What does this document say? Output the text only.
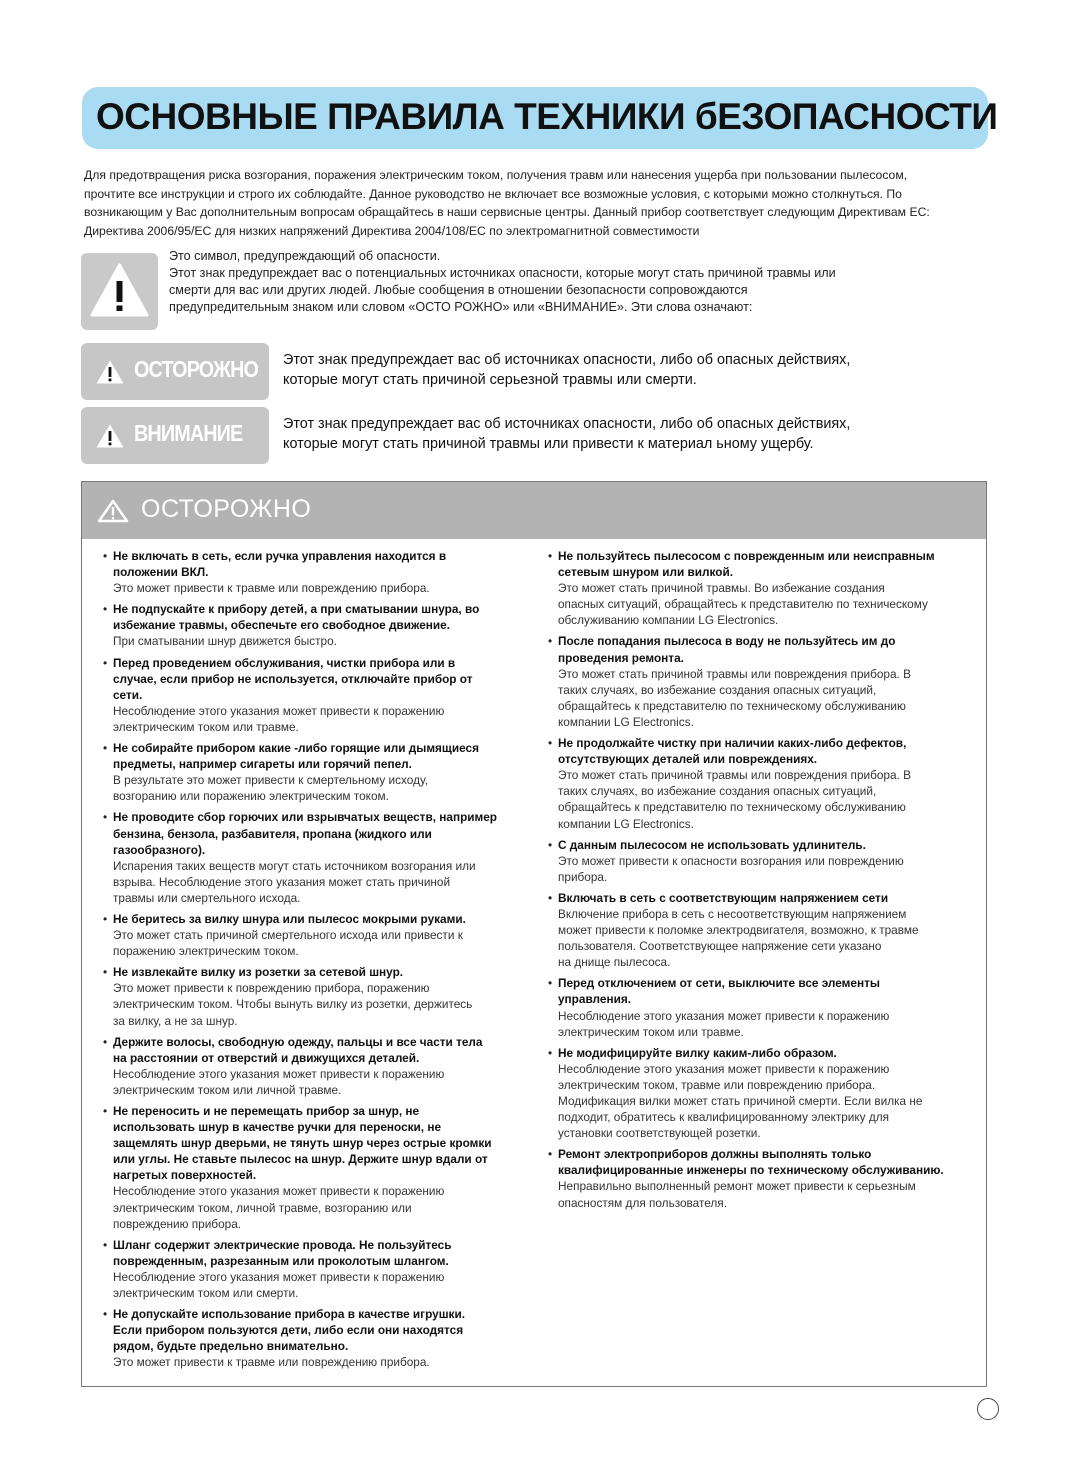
ОСНОВНЫЕ ПРАВИЛА ТЕХНИКИ бЕЗОПАСНОСТИ

Для предотвращения риска возгорания, поражения электрическим током, получения травм или нанесения ущерба при пользовании пылесосом,

прочтите все инструкции и строго их соблюдайте. Данное руководство не включает все возможные условия, с которыми можно столкнуться. По

возникающим у Вас дополнительным вопросам обращайтесь в наши сервисные центры. Данный прибор соответствует следующим Директивам ЕС:

Директива 2006/95/EC для низких напряжений Директива 2004/108/EC по электромагнитной совместимости

Это символ, предупреждающий об опасности.
Этот знак предупреждает вас о потенциальных источниках опасности, которые могут стать причиной травмы или
смерти для вас или других людей. Любые сообщения в отношении безопасности сопровождаются
предупредительным знаком или словом «ОСТО РОЖНО» или «ВНИМАНИЕ». Эти слова означают:
ОСТОРОЖНО Этот знак предупреждает вас об источниках опасности, либо об опасных действиях,
которые могут стать причиной серьезной травмы или смерти.
ВНИМАНИЕ	Этот знак предупреждает вас об источниках опасности, либо об опасных действиях,
которые могут стать причиной травмы или привести к материал ьному ущербу.
ОСТОРОЖНО
• Не включать в сеть, если ручка управления находится в
положении ВКЛ.
Это может привести к травме или повреждению прибора.
• Не подпускайте к прибору детей, а при сматывании шнура, во
избежание травмы, обеспечьте его свободное движение.
При сматывании шнур движется быстро.
• Перед проведением обслуживания, чистки прибора или в
случае, если прибор не используется, отключайте прибор от
сети.
Несоблюдение этого указания может привести к поражению
электрическим током или травме.
• Не собирайте прибором какие -либо горящие или дымящиеся
предметы, например сигареты или горячий пепел.
В результате это может привести к смертельному исходу,
возгоранию или поражению электрическим током.
• Не проводите сбор горючих или взрывчатых веществ, например
бензина, бензола, разбавителя, пропана (жидкого или
газообразного).
Испарения таких веществ могут стать источником возгорания или
взрыва. Несоблюдение этого указания может стать причиной
травмы или смертельного исхода.
• Не беритесь за вилку шнура или пылесос мокрыми руками.
Это может стать причиной смертельного исхода или привести к
поражению электрическим током.
• Не извлекайте вилку из розетки за сетевой шнур.
Это может привести к повреждению прибора, поражению
электрическим током. Чтобы вынуть вилку из розетки, держитесь
за вилку, а не за шнур.
• Держите волосы, свободную одежду, пальцы и все части тела
на расстоянии от отверстий и движущихся деталей.
Несоблюдение этого указания может привести к поражению
электрическим током или личной травме.
• Не переносить и не перемещать прибор за шнур, не
использовать шнур в качестве ручки для переноски, не
защемлять шнур дверьми, не тянуть шнур через острые кромки
или углы. Не ставьте пылесос на шнур. Держите шнур вдали от
нагретых поверхностей.
Несоблюдение этого указания может привести к поражению
электрическим током, личной травме, возгоранию или
повреждению прибора.
• Шланг содержит электрические провода. Не пользуйтесь
поврежденным, разрезанным или проколотым шлангом.
Несоблюдение этого указания может привести к поражению
электрическим током или смерти.
• Не допускайте использование прибора в качестве игрушки.
Если прибором пользуются дети, либо если они находятся
рядом, будьте предельно внимательно.
Это может привести к травме или повреждению прибора.
• Не пользуйтесь пылесосом с поврежденным или неисправным
сетевым шнуром или вилкой.
Это может стать причиной травмы. Во избежание создания
опасных ситуаций, обращайтесь к представителю по техническому
обслуживанию компании LG Electronics.
• После попадания пылесоса в воду не пользуйтесь им до
проведения ремонта.
Это может стать причиной травмы или повреждения прибора. В
таких случаях, во избежание создания опасных ситуаций,
обращайтесь к представителю по техническому обслуживанию
компании LG Electronics.
• Не продолжайте чистку при наличии каких-либо дефектов,
отсутствующих деталей или повреждениях.
Это может стать причиной травмы или повреждения прибора. В
таких случаях, во избежание создания опасных ситуаций,
обращайтесь к представителю по техническому обслуживанию
компании LG Electronics.
• С данным пылесосом не использовать удлинитель.
Это может привести к опасности возгорания или повреждению
прибора.
• Включать в сеть с соответствующим напряжением сети
Включение прибора в сеть с несоответствующим напряжением
может привести к поломке электродвигателя, возможно, к травме
пользователя. Соответствующее напряжение сети указано
на днище пылесоса.
• Перед отключением от сети, выключите все элементы
управления.
Несоблюдение этого указания может привести к поражению
электрическим током или травме.
• Не модифицируйте вилку каким-либо образом.
Несоблюдение этого указания может привести к поражению
электрическим током, травме или повреждению прибора.
Модификация вилки может стать причиной смерти. Если вилка не
подходит, обратитесь к квалифицированному электрику для
установки соответствующей розетки.
• Ремонт электроприборов должны выполнять только
квалифицированные инженеры по техническому обслуживанию.
Неправильно выполненный ремонт может привести к серьезным
опасностям для пользователя.
